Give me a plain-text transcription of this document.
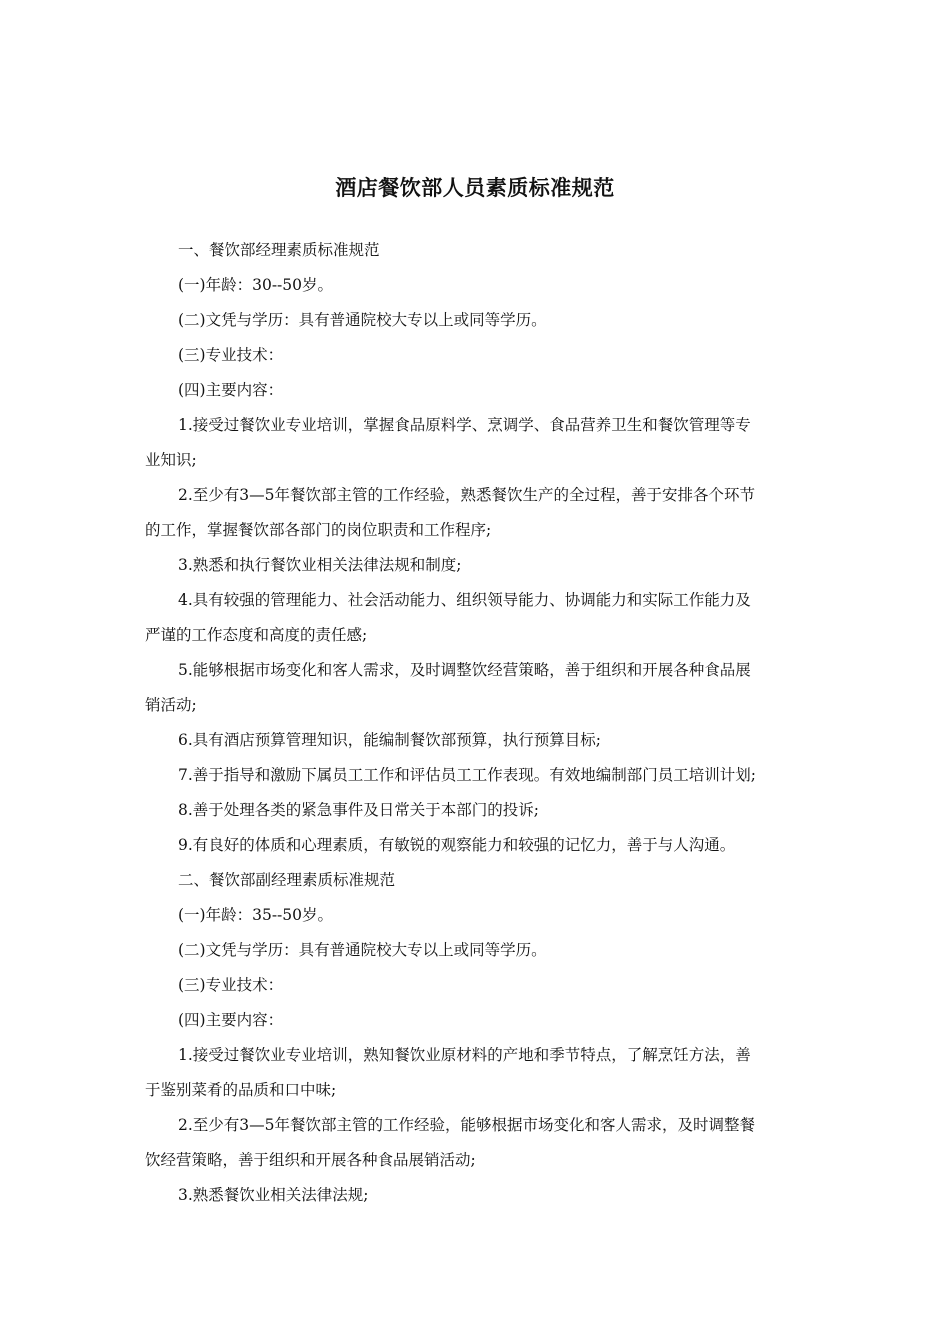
酒店餐饮部人员素质标准规范
一、餐饮部经理素质标准规范
(一)年龄：30--50岁。
(二)文凭与学历：具有普通院校大专以上或同等学历。
(三)专业技术：
(四)主要内容：
1.接受过餐饮业专业培训，掌握食品原料学、烹调学、食品营养卫生和餐饮管理等专
业知识;
2.至少有3—5年餐饮部主管的工作经验，熟悉餐饮生产的全过程，善于安排各个环节
的工作，掌握餐饮部各部门的岗位职责和工作程序;
3.熟悉和执行餐饮业相关法律法规和制度;
4.具有较强的管理能力、社会活动能力、组织领导能力、协调能力和实际工作能力及
严谨的工作态度和高度的责任感;
5.能够根据市场变化和客人需求，及时调整饮经营策略，善于组织和开展各种食品展
销活动;
6.具有酒店预算管理知识，能编制餐饮部预算，执行预算目标;
7.善于指导和激励下属员工工作和评估员工工作表现。有效地编制部门员工培训计划;
8.善于处理各类的紧急事件及日常关于本部门的投诉;
9.有良好的体质和心理素质，有敏锐的观察能力和较强的记忆力，善于与人沟通。
二、餐饮部副经理素质标准规范
(一)年龄：35--50岁。
(二)文凭与学历：具有普通院校大专以上或同等学历。
(三)专业技术：
(四)主要内容：
1.接受过餐饮业专业培训，熟知餐饮业原材料的产地和季节特点，了解烹饪方法，善
于鉴别菜肴的品质和口中味;
2.至少有3—5年餐饮部主管的工作经验，能够根据市场变化和客人需求，及时调整餐
饮经营策略，善于组织和开展各种食品展销活动;
3.熟悉餐饮业相关法律法规;
